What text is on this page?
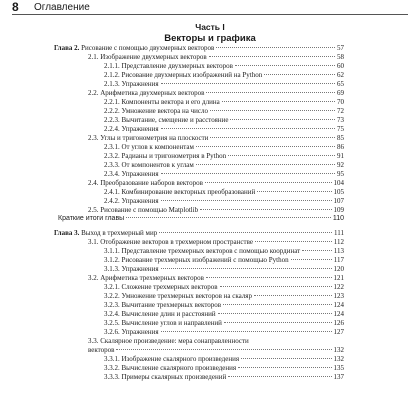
8	Оглавление
Часть I
Векторы и графика
Глава 2. Рисование с помощью двухмерных векторов	57
2.1. Изображение двухмерных векторов	58
2.1.1. Представление двухмерных векторов	60
2.1.2. Рисование двухмерных изображений на Python	62
2.1.3. Упражнения	65
2.2. Арифметика двухмерных векторов	69
2.2.1. Компоненты вектора и его длина	70
2.2.2. Умножение вектора на число	72
2.2.3. Вычитание, смещение и расстояние	73
2.2.4. Упражнения	75
2.3. Углы и тригонометрия на плоскости	85
2.3.1. От углов к компонентам	86
2.3.2. Радианы и тригонометрия в Python	91
2.3.3. От компонентов к углам	92
2.3.4. Упражнения	95
2.4. Преобразование наборов векторов	104
2.4.1. Комбинирование векторных преобразований	105
2.4.2. Упражнения	107
2.5. Рисование с помощью Matplotlib	109
Краткие итоги главы	110
Глава 3. Выход в трехмерный мир	111
3.1. Отображение векторов в трехмерном пространстве	112
3.1.1. Представление трехмерных векторов с помощью координат	113
3.1.2. Рисование трехмерных изображений с помощью Python	117
3.1.3. Упражнения	120
3.2. Арифметика трехмерных векторов	121
3.2.1. Сложение трехмерных векторов	122
3.2.2. Умножение трехмерных векторов на скаляр	123
3.2.3. Вычитание трехмерных векторов	124
3.2.4. Вычисление длин и расстояний	124
3.2.5. Вычисление углов и направлений	126
3.2.6. Упражнения	127
3.3. Скалярное произведение: мера сонаправленности
векторов	132
3.3.1. Изображение скалярного произведения	132
3.3.2. Вычисление скалярного произведения	135
3.3.3. Примеры скалярных произведений	137
